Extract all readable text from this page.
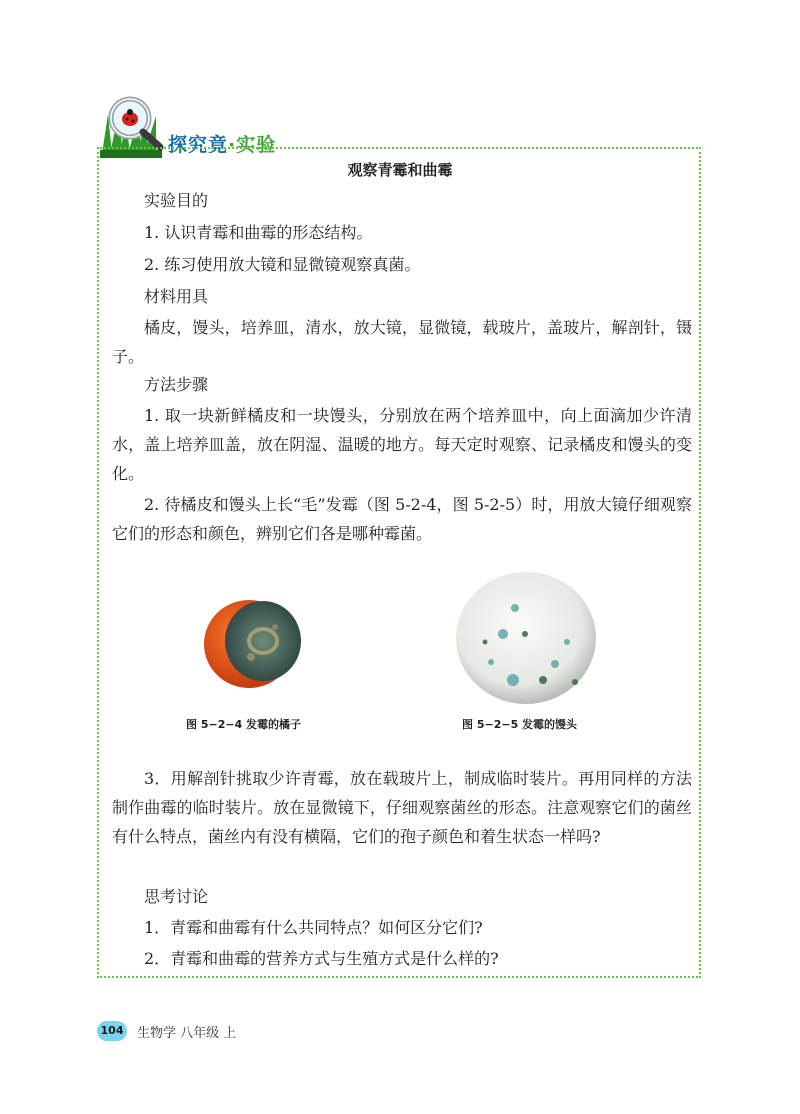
探究竟·实验
观察青霉和曲霉

实验目的

1. 认识青霉和曲霉的形态结构。

2. 练习使用放大镜和显微镜观察真菌。

材料用具

橘皮，馒头，培养皿，清水，放大镜，显微镜，载玻片，盖玻片，解剖针，镊子。

方法步骤

1. 取一块新鲜橘皮和一块馒头，分别放在两个培养皿中，向上面滴加少许清水，盖上培养皿盖，放在阴湿、温暖的地方。每天定时观察、记录橘皮和馒头的变化。

2. 待橘皮和馒头上长“毛”发霉（图 5-2-4，图 5-2-5）时，用放大镜仔细观察它们的形态和颜色，辨别它们各是哪种霉菌。

图 5−2−4 发霉的橘子	图 5−2−5 发霉的馒头

3．用解剖针挑取少许青霉，放在载玻片上，制成临时装片。再用同样的方法制作曲霉的临时装片。放在显微镜下，仔细观察菌丝的形态。注意观察它们的菌丝有什么特点，菌丝内有没有横隔，它们的孢子颜色和着生状态一样吗?

思考讨论

1．青霉和曲霉有什么共同特点？如何区分它们?

2．青霉和曲霉的营养方式与生殖方式是什么样的?

104 生物学 八年级 上
